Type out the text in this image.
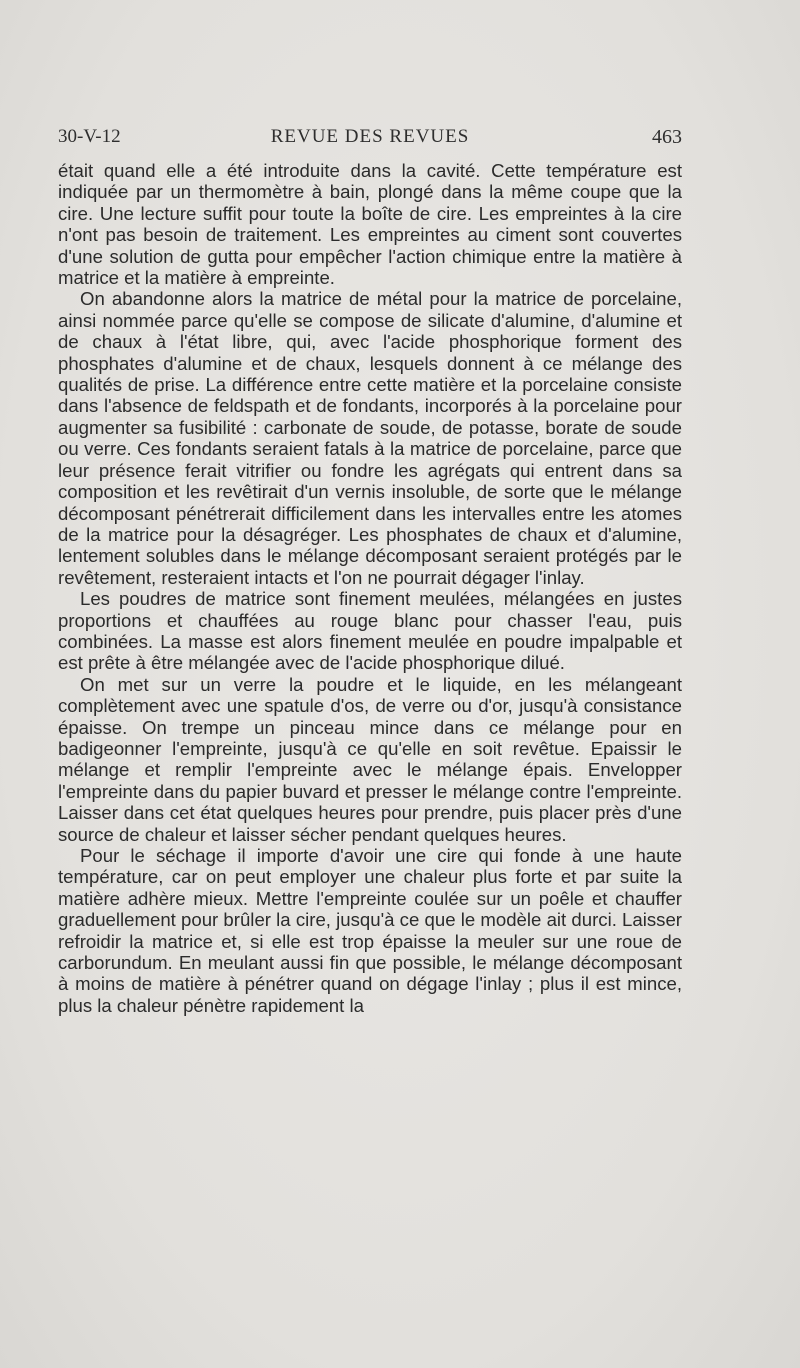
30-V-12	REVUE DES REVUES	463

était quand elle a été introduite dans la cavité. Cette température est indiquée par un thermomètre à bain, plongé dans la même coupe que la cire. Une lecture suffit pour toute la boîte de cire. Les empreintes à la cire n'ont pas besoin de traitement. Les empreintes au ciment sont couvertes d'une solution de gutta pour empêcher l'action chimique entre la matière à matrice et la matière à empreinte.

On abandonne alors la matrice de métal pour la matrice de porcelaine, ainsi nommée parce qu'elle se compose de silicate d'alumine, d'alumine et de chaux à l'état libre, qui, avec l'acide phosphorique forment des phosphates d'alumine et de chaux, lesquels donnent à ce mélange des qualités de prise. La différence entre cette matière et la porcelaine consiste dans l'absence de feldspath et de fondants, incorporés à la porcelaine pour augmenter sa fusibilité : carbonate de soude, de potasse, borate de soude ou verre. Ces fondants seraient fatals à la matrice de porcelaine, parce que leur présence ferait vitrifier ou fondre les agrégats qui entrent dans sa composition et les revêtirait d'un vernis insoluble, de sorte que le mélange décomposant pénétrerait difficilement dans les intervalles entre les atomes de la matrice pour la désagréger. Les phosphates de chaux et d'alumine, lentement solubles dans le mélange décomposant seraient protégés par le revêtement, resteraient intacts et l'on ne pourrait dégager l'inlay.

Les poudres de matrice sont finement meulées, mélangées en justes proportions et chauffées au rouge blanc pour chasser l'eau, puis combinées. La masse est alors finement meulée en poudre impalpable et est prête à être mélangée avec de l'acide phosphorique dilué.

On met sur un verre la poudre et le liquide, en les mélangeant complètement avec une spatule d'os, de verre ou d'or, jusqu'à consistance épaisse. On trempe un pinceau mince dans ce mélange pour en badigeonner l'empreinte, jusqu'à ce qu'elle en soit revêtue. Epaissir le mélange et remplir l'empreinte avec le mélange épais. Envelopper l'empreinte dans du papier buvard et presser le mélange contre l'empreinte. Laisser dans cet état quelques heures pour prendre, puis placer près d'une source de chaleur et laisser sécher pendant quelques heures.

Pour le séchage il importe d'avoir une cire qui fonde à une haute température, car on peut employer une chaleur plus forte et par suite la matière adhère mieux. Mettre l'empreinte coulée sur un poêle et chauffer graduellement pour brûler la cire, jusqu'à ce que le modèle ait durci. Laisser refroidir la matrice et, si elle est trop épaisse la meuler sur une roue de carborundum. En meulant aussi fin que possible, le mélange décomposant à moins de matière à pénétrer quand on dégage l'inlay ; plus il est mince, plus la chaleur pénètre rapidement la
